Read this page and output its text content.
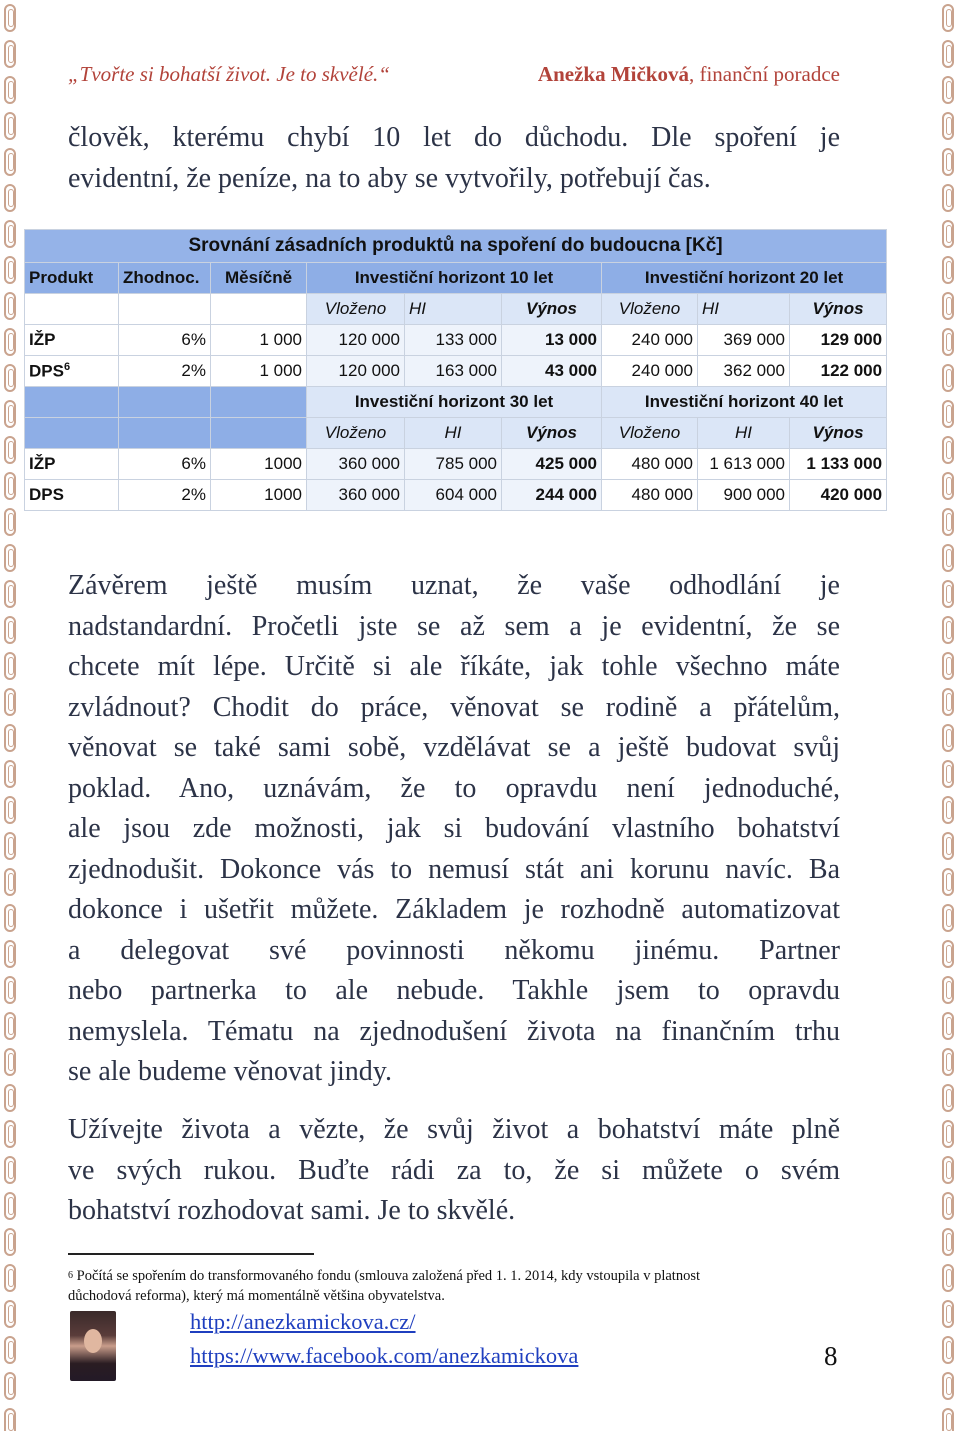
„Tvořte si bohatší život. Je to skvělé.“	Anežka Mičková, finanční poradce
člověk, kterému chybí 10 let do důchodu. Dle spoření je
evidentní, že peníze, na to aby se vytvořily, potřebují čas.
Srovnání zásadních produktů na spoření do budoucna [Kč]								
Produkt	Zhodnoc.	Měsíčně	Investiční horizont 10 let			Investiční horizont 20 let		
			Vloženo	HI	Výnos	Vloženo	HI	Výnos
IŽP	6%	1 000	120 000	133 000	13 000	240 000	369 000	129 000
DPS$^6$	2%	1 000	120 000	163 000	43 000	240 000	362 000	122 000
			Investiční horizont 30 let			Investiční horizont 40 let		
			Vloženo	HI	Výnos	Vloženo	HI	Výnos
IŽP	6%	1000	360 000	785 000	425 000	480 000	1 613 000	1 133 000
DPS	2%	1000	360 000	604 000	244 000	480 000	900 000	420 000
Závěrem ještě musím uznat, že vaše odhodlání je
nadstandardní. Pročetli jste se až sem a je evidentní, že se
chcete mít lépe. Určitě si ale říkáte, jak tohle všechno máte
zvládnout? Chodit do práce, věnovat se rodině a přátelům,
věnovat se také sami sobě, vzdělávat se a ještě budovat svůj
poklad. Ano, uznávám, že to opravdu není jednoduché,
ale jsou zde možnosti, jak si budování vlastního bohatství
zjednodušit. Dokonce vás to nemusí stát ani korunu navíc. Ba
dokonce i ušetřit můžete. Základem je rozhodně automatizovat
a delegovat své povinnosti někomu jinému. Partner
nebo partnerka to ale nebude. Takhle jsem to opravdu
nemyslela. Tématu na zjednodušení života na finančním trhu
se ale budeme věnovat jindy.
Užívejte života a vězte, že svůj život a bohatství máte plně
ve svých rukou. Buďte rádi za to, že si můžete o svém
bohatství rozhodovat sami. Je to skvělé.
$^6$ Počítá se spořením do transformovaného fondu (smlouva založená před 1. 1. 2014, kdy vstoupila v platnost
důchodová reforma), který má momentálně většina obyvatelstva.
http://anezkamickova.cz/
https://www.facebook.com/anezkamickova	8
